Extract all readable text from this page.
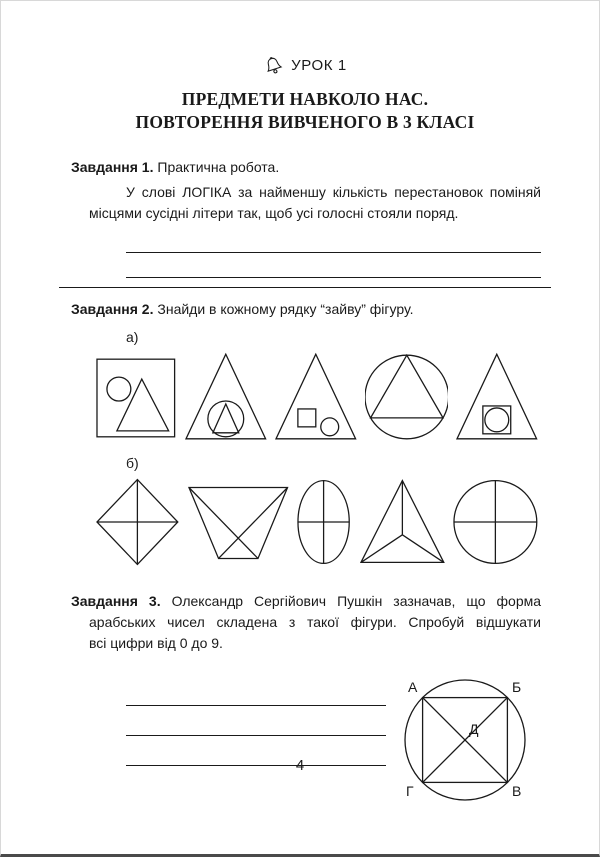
УРОК 1
ПРЕДМЕТИ НАВКОЛО НАС.
ПОВТОРЕННЯ ВИВЧЕНОГО В 3 КЛАСІ

Завдання 1. Практична робота.

У слові ЛОГІКА за найменшу кількість перестановок поміняй
місцями сусідні літери так, щоб усі голосні стояли поряд.

Завдання 2. Знайди в кожному рядку “зайву” фігуру.

а)

б)

Завдання 3. Олександр Сергійович Пушкін зазначав, що форма
арабських чисел складена з такої фігури. Спробуй відшукати
всі цифри від 0 до 9.

А	Б
В
Г
Д
4
